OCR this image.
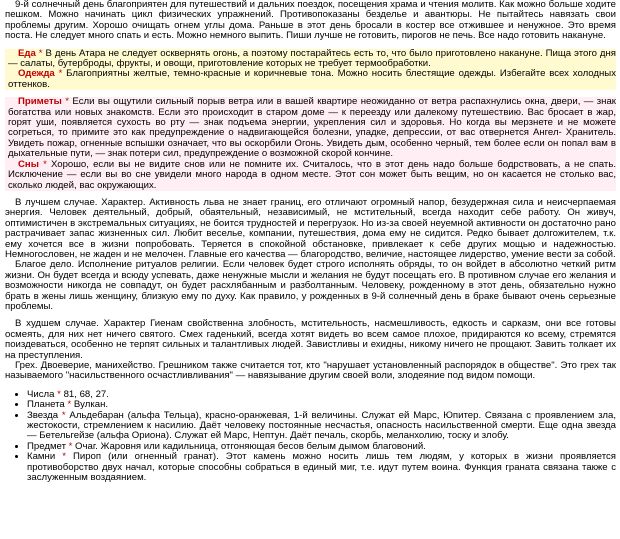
9-й солнечный день благоприятен для путешествий и дальних поездок, посещения храма и чтения молитв. Как можно больше ходите пешком. Можно начинать цикл физических упражнений. Противопоказаны безделье и авантюры. Не пытайтесь навязать свои проблемы другим. Хорошо очищать огнем углы дома. Раньше в этот день бросали в костер все отжившее и ненужное. Это время поста. Не следует много спать и есть. Можно немного выпить. Пиши лучше не готовить, пирогов не печь. Все надо готовить накануне.

Еда * В день Атара не следует осквернять огонь, а поэтому постарайтесь есть то, что было приготовлено накануне. Пища этого дня — салаты, бутерброды, фрукты, и овощи, приготовление которых не требует термообработки.

Одежда * Благоприятны желтые, темно-красные и коричневые тона. Можно носить блестящие одежды. Избегайте всех холодных оттенков.

Приметы * Если вы ощутили сильный порыв ветра или в вашей квартире неожиданно от ветра распахнулись окна, двери, — знак богатства или новых знакомств. Если это происходит в старом доме — к переезду или далекому путешествию. Вас бросает в жар, горят уши, появляется сухость во рту — знак подъема энергии, укрепления сил и здоровья. Но когда вы мерзнете и не можете согреться, то примите это как предупреждение о надвигающейся болезни, упадке, депрессии, от вас отвернется Ангел- Хранитель. Увидеть пожар, огненные вспышки означает, что вы оскорбили Огонь. Увидеть дым, особенно черный, тем более если он попал вам в дыхательные пути, — знак потери сил, предупреждение о возможной скорой кончине.

Сны * Хорошо, если вы не видите снов или не помните их. Считалось, что в этот день надо больше бодрствовать, а не спать. Исключение — если вы во сне увидели много народа в одном месте. Этот сон может быть вещим, но он касается не столько вас, сколько людей, вас окружающих.

В лучшем случае. Характер. Активность льва не знает границ, его отличают огромный напор, безудержная сила и неисчерпаемая энергия. Человек деятельный, добрый, обаятельный, независимый, не мстительный, всегда находит себе работу. Он живуч, оптимистичен в экстремальных ситуациях, не боится трудностей и перегрузок. Но из-за своей неуемной активности он достаточно рано растрачивает запас жизненных сил. Любит веселье, компании, путешествия, дома ему не сидится. Редко бывает долгожителем, т.к. ему хочется все в жизни попробовать. Теряется в спокойной обстановке, привлекает к себе других мощью и надежностью. Немногословен, не жаден и не мелочен. Главные его качества — благородство, величие, настоящее лидерство, умение вести за собой.

Благое дело. Исполнение ритуалов религии. Если человек будет строго исполнять обряды, то он войдет в абсолютно четкий ритм жизни. Он будет всегда и всюду успевать, даже ненужные мысли и желания не будут посещать его. В противном случае его желания и возможности никогда не совпадут, он будет расхлябанным и разболтанным. Человеку, рожденному в этот день, обязательно нужно брать в жены лишь женщину, близкую ему по духу. Как правило, у рожденных в 9-й солнечный день в браке бывают очень серьезные проблемы.

В худшем случае. Характер Гиенам свойственна злобность, мстительность, насмешливость, едкость и сарказм, они все готовы осмеять, для них нет ничего святого. Смех гаденький, всегда хотят видеть во всем самое плохое, придираются ко всему, стремятся поиздеваться, особенно не терпят сильных и талантливых людей. Завистливы и ехидны, никому ничего не прощают. Завить толкает их на преступления.

Грех. Двоеверие, манихейство. Грешником также считается тот, кто "нарушает установленный распорядок в обществе". Это грех так называемого "насильственного осчастливливания" — навязывание другим своей воли, злодеяние под видом помощи.

• Числа * 81, 68, 27.
• Планета * Вулкан.
• Звезда * Альдебаран (альфа Тельца), красно-оранжевая, 1-й величины. Служат ей Марс, Юпитер. Связана с проявлением зла, жестокости, стремлением к насилию. Даёт человеку постоянные несчастья, опасность насильственной смерти. Еще одна звезда — Бетельгейзе (альфа Ориона). Служат ей Марс, Нептун. Даёт печаль, скорбь, меланхолию, тоску и злобу.
• Предмет * Очаг. Жаровня или кадильница, отгоняющая бесов белым дымом благовоний.
• Камни * Пироп (или огненный гранат). Этот камень можно носить лишь тем людям, у которых в жизни проявляется противоборство двух начал, которые способны собраться в единый миг, т.е. идут путем воина. Функция граната связана также с заслуженным воздаянием.
